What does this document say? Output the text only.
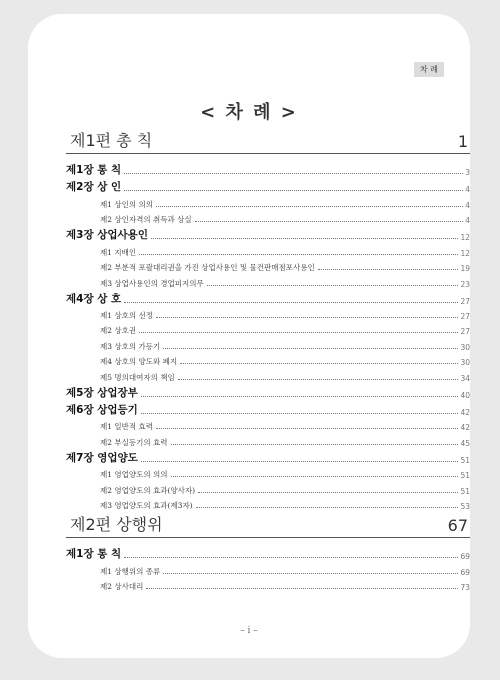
차 례
< 차 례 >
제1편 총 칙	1
제1장 통 칙	3
제2장 상 인	4
제1 상인의 의의	4
제2 상인자격의 취득과 상실	4
제3장 상업사용인	12
제1 지배인	12
제2 부분적 포괄대리권을 가진 상업사용인 및 물건판매점포사용인	19
제3 상업사용인의 경업피지의무	23
제4장 상 호	27
제1 상호의 선정	27
제2 상호권	27
제3 상호의 가등기	30
제4 상호의 양도와 폐지	30
제5 명의대여자의 책임	34
제5장 상업장부	40
제6장 상업등기	42
제1 일반적 효력	42
제2 부실등기의 효력	45
제7장 영업양도	51
제1 영업양도의 의의	51
제2 영업양도의 효과(양사자)	51
제3 영업양도의 효과(제3자)	53
제2편 상행위	67
제1장 통 칙	69
제1 상행위의 종류	69
제2 상사대리	73
– i –
